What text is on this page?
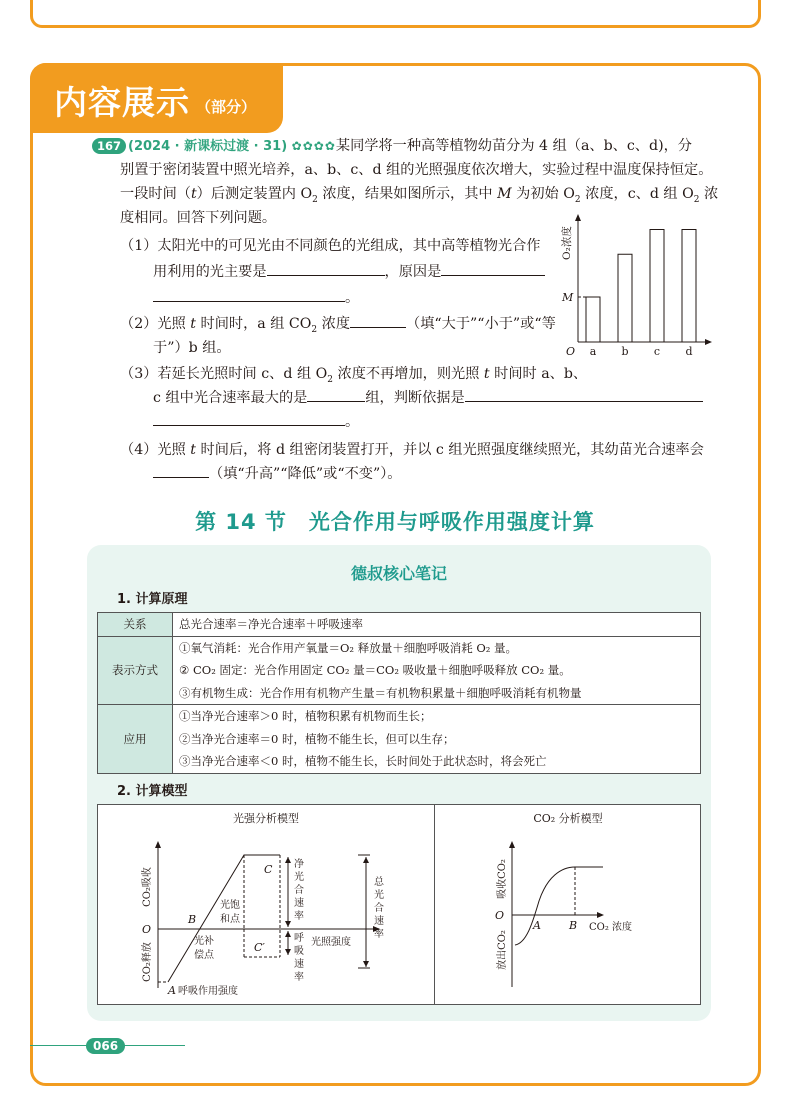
内容展示 （部分）
167 (2024 · 新课标过渡 · 31) ✿✿✿✿某同学将一种高等植物幼苗分为 4 组（a、b、c、d)，分
别置于密闭装置中照光培养，a、b、c、d 组的光照强度依次增大，实验过程中温度保持恒定。
一段时间（t）后测定装置内 $O_2$ 浓度，结果如图所示，其中 M 为初始 $O_2$ 浓度，c、d 组 $O_2$ 浓
度相同。回答下列问题。
（1）太阳光中的可见光由不同颜色的光组成，其中高等植物光合作
用利用的光主要是	，原因是
。
（2）光照 t 时间时，a 组 $CO_2$ 浓度	（填“大于”“小于”或“等
于”）b 组。
（3）若延长光照时间 c、d 组 $O_2$ 浓度不再增加，则光照 t 时间时 a、b、
c 组中光合速率最大的是	组，判断依据是
。
（4）光照 t 时间后，将 d 组密闭装置打开，并以 c 组光照强度继续照光，其幼苗光合速率会
（填“升高”“降低”或“不变”）。
a b c d
M
O₂浓度
O
第 14 节　光合作用与呼吸作用强度计算
德叔核心笔记
1. 计算原理
关系	总光合速率＝净光合速率＋呼吸速率

表示方式	①氧气消耗：光合作用产氧量＝O₂ 释放量＋细胞呼吸消耗 O₂ 量。
② CO₂ 固定：光合作用固定 CO₂ 量＝CO₂ 吸收量＋细胞呼吸释放 CO₂ 量。
③有机物生成：光合作用有机物产生量＝有机物积累量＋细胞呼吸消耗有机物量

应用	①当净光合速率＞0 时，植物积累有机物而生长；
②当净光合速率＝0 时，植物不能生长，但可以生存；
③当净光合速率＜0 时，植物不能生长，长时间处于此状态时，将会死亡
2. 计算模型
光强分析模型
CO₂吸收
CO₂释放
O
B
C
C′
A 呼吸作用强度
光饱
和点
光补
偿点
光照强度
净
光
合
速
率
呼
吸
速
率
总
光
合
速
率
CO₂ 分析模型
吸收CO₂
放出CO₂
O
A	B CO₂ 浓度
066
